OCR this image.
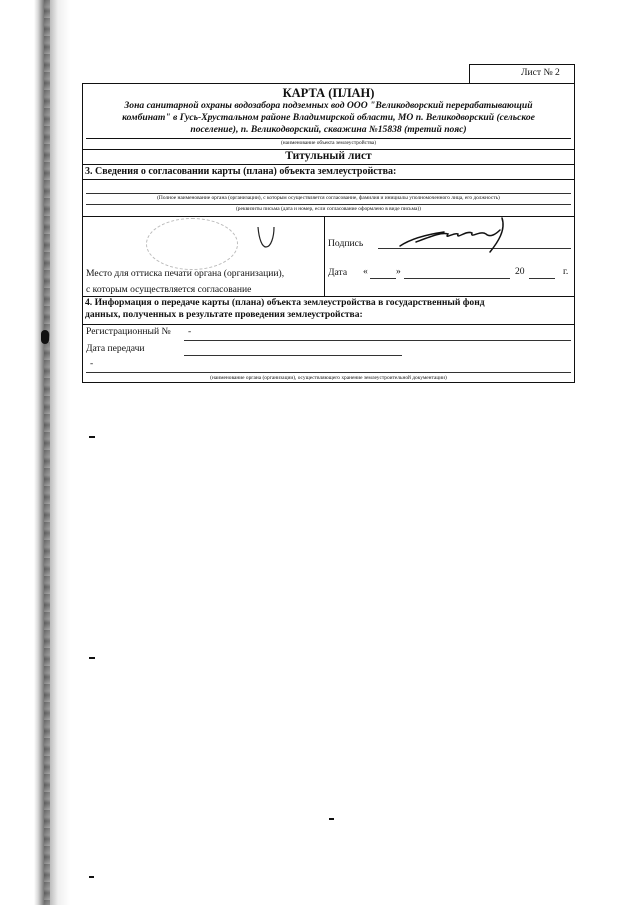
Лист № 2
КАРТА (ПЛАН)
Зона санитарной охраны водозабора подземных вод ООО "Великодворский перерабатывающий
комбинат" в Гусь-Хрустальном районе Владимирской области, МО п. Великодворский (сельское
поселение), п. Великодворский, скважина №15838 (третий пояс)
(наименование объекта землеустройства)
Титульный лист
3. Сведения о согласовании карты (плана) объекта землеустройства:
(Полное наименование органа (организации), с которым осуществляется согласование, фамилия и инициалы уполномоченного лица, его должность)
(реквизиты письма (дата и номер, если согласование оформлено в виде письма))
Место для оттиска печати органа (организации),
с которым осуществляется согласование
Подпись
Дата «	»	20	г.
4. Информация о передаче карты (плана) объекта землеустройства в государственный фонд
данных, полученных в результате проведения землеустройства:
Регистрационный № -
Дата передачи
-
(наименование органа (организации), осуществляющего хранение землеустроительной документации)
